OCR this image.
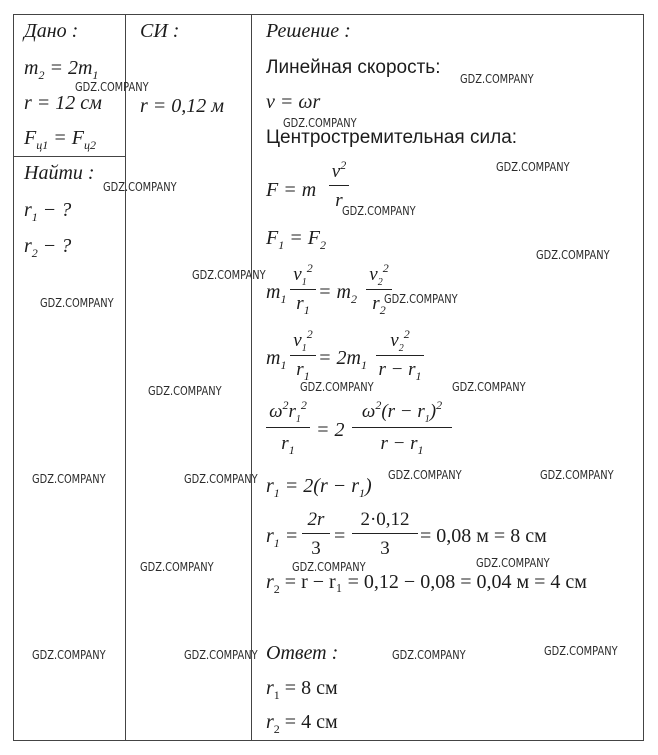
Дано :	СИ :	Решение :
Найти :
$m_2 = 2m_1$
r = 12 см
$F_{ц1} = F_{ц2}$
r = 0,12 м
$r_1$ − ?
$r_2$ − ?
Линейная скорость:
v = ωr
Центростремительная сила:
F = m
$v^2$
r
$F_1 = F_2$
$m_1$
$v_1^2$
$r_1$
= $m_2$
$v_2^2$
$r_2$
$m_1$
$v_1^2$
$r_1$
= $2m_1$
$v_2^2$
$r - r_1$
$\omega^2r_1^2$
$r_1$
= 2
$\omega^2(r - r_1)^2$
$r - r_1$
$r_1 = 2(r - r_1)$
$r_1$ =
2r
3
=
2·0,12
3
= 0,08 м = 8 см
$r_2 = r - r_1 = 0,12 - 0,08 = 0,04$ м = 4 см
Ответ :
$r_1 = 8$ см
$r_2 = 4$ см
GDZ.COMPANY
GDZ.COMPANY
GDZ.COMPANY
GDZ.COMPANY
GDZ.COMPANY
GDZ.COMPANY
GDZ.COMPANY
GDZ.COMPANY
GDZ.COMPANY
GDZ.COMPANY
GDZ.COMPANY	GDZ.COMPANY
GDZ.COMPANY
GDZ.COMPANY	GDZ.COMPANY	GDZ.COMPANY	GDZ.COMPANY
GDZ.COMPANY	GDZ.COMPANY	GDZ.COMPANY
GDZ.COMPANY	GDZ.COMPANY	GDZ.COMPANY	GDZ.COMPANY
